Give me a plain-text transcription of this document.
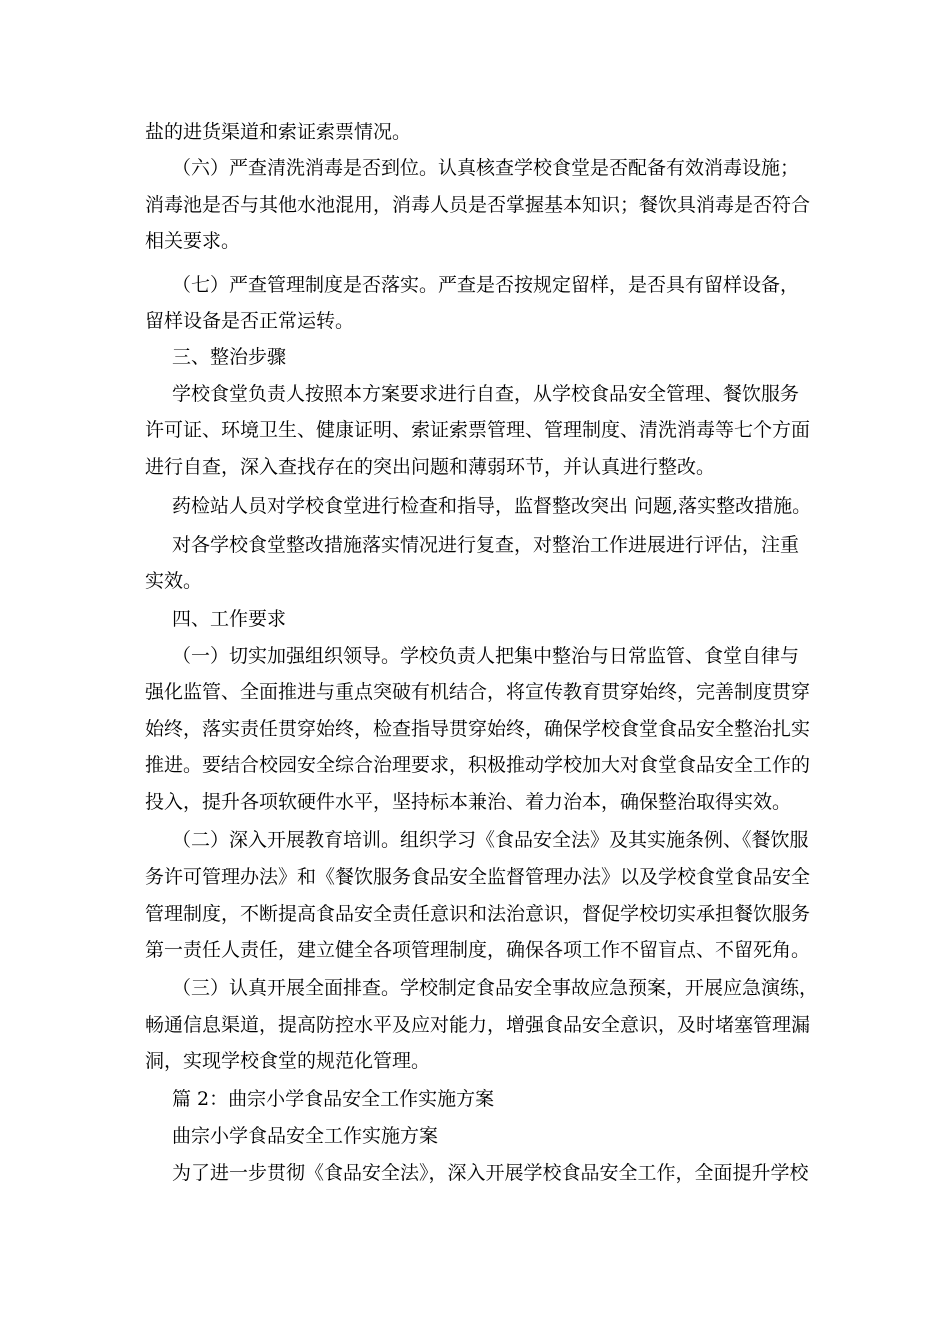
盐的进货渠道和索证索票情况。
（六）严查清洗消毒是否到位。认真核查学校食堂是否配备有效消毒设施；
消毒池是否与其他水池混用，消毒人员是否掌握基本知识；餐饮具消毒是否符合
相关要求。
（七）严查管理制度是否落实。严查是否按规定留样，是否具有留样设备，
留样设备是否正常运转。
三、整治步骤
学校食堂负责人按照本方案要求进行自查，从学校食品安全管理、餐饮服务
许可证、环境卫生、健康证明、索证索票管理、管理制度、清洗消毒等七个方面
进行自查，深入查找存在的突出问题和薄弱环节，并认真进行整改。
药检站人员对学校食堂进行检查和指导，监督整改突出 问题,落实整改措施。
对各学校食堂整改措施落实情况进行复查，对整治工作进展进行评估，注重
实效。
四、工作要求
（一）切实加强组织领导。学校负责人把集中整治与日常监管、食堂自律与
强化监管、全面推进与重点突破有机结合，将宣传教育贯穿始终，完善制度贯穿
始终，落实责任贯穿始终，检查指导贯穿始终，确保学校食堂食品安全整治扎实
推进。要结合校园安全综合治理要求，积极推动学校加大对食堂食品安全工作的
投入，提升各项软硬件水平，坚持标本兼治、着力治本，确保整治取得实效。
（二）深入开展教育培训。组织学习《食品安全法》及其实施条例、《餐饮服
务许可管理办法》和《餐饮服务食品安全监督管理办法》以及学校食堂食品安全
管理制度，不断提高食品安全责任意识和法治意识，督促学校切实承担餐饮服务
第一责任人责任，建立健全各项管理制度，确保各项工作不留盲点、不留死角。
（三）认真开展全面排查。学校制定食品安全事故应急预案，开展应急演练，
畅通信息渠道，提高防控水平及应对能力，增强食品安全意识，及时堵塞管理漏
洞，实现学校食堂的规范化管理。
篇 2：曲宗小学食品安全工作实施方案
曲宗小学食品安全工作实施方案
为了进一步贯彻《食品安全法》，深入开展学校食品安全工作，全面提升学校
